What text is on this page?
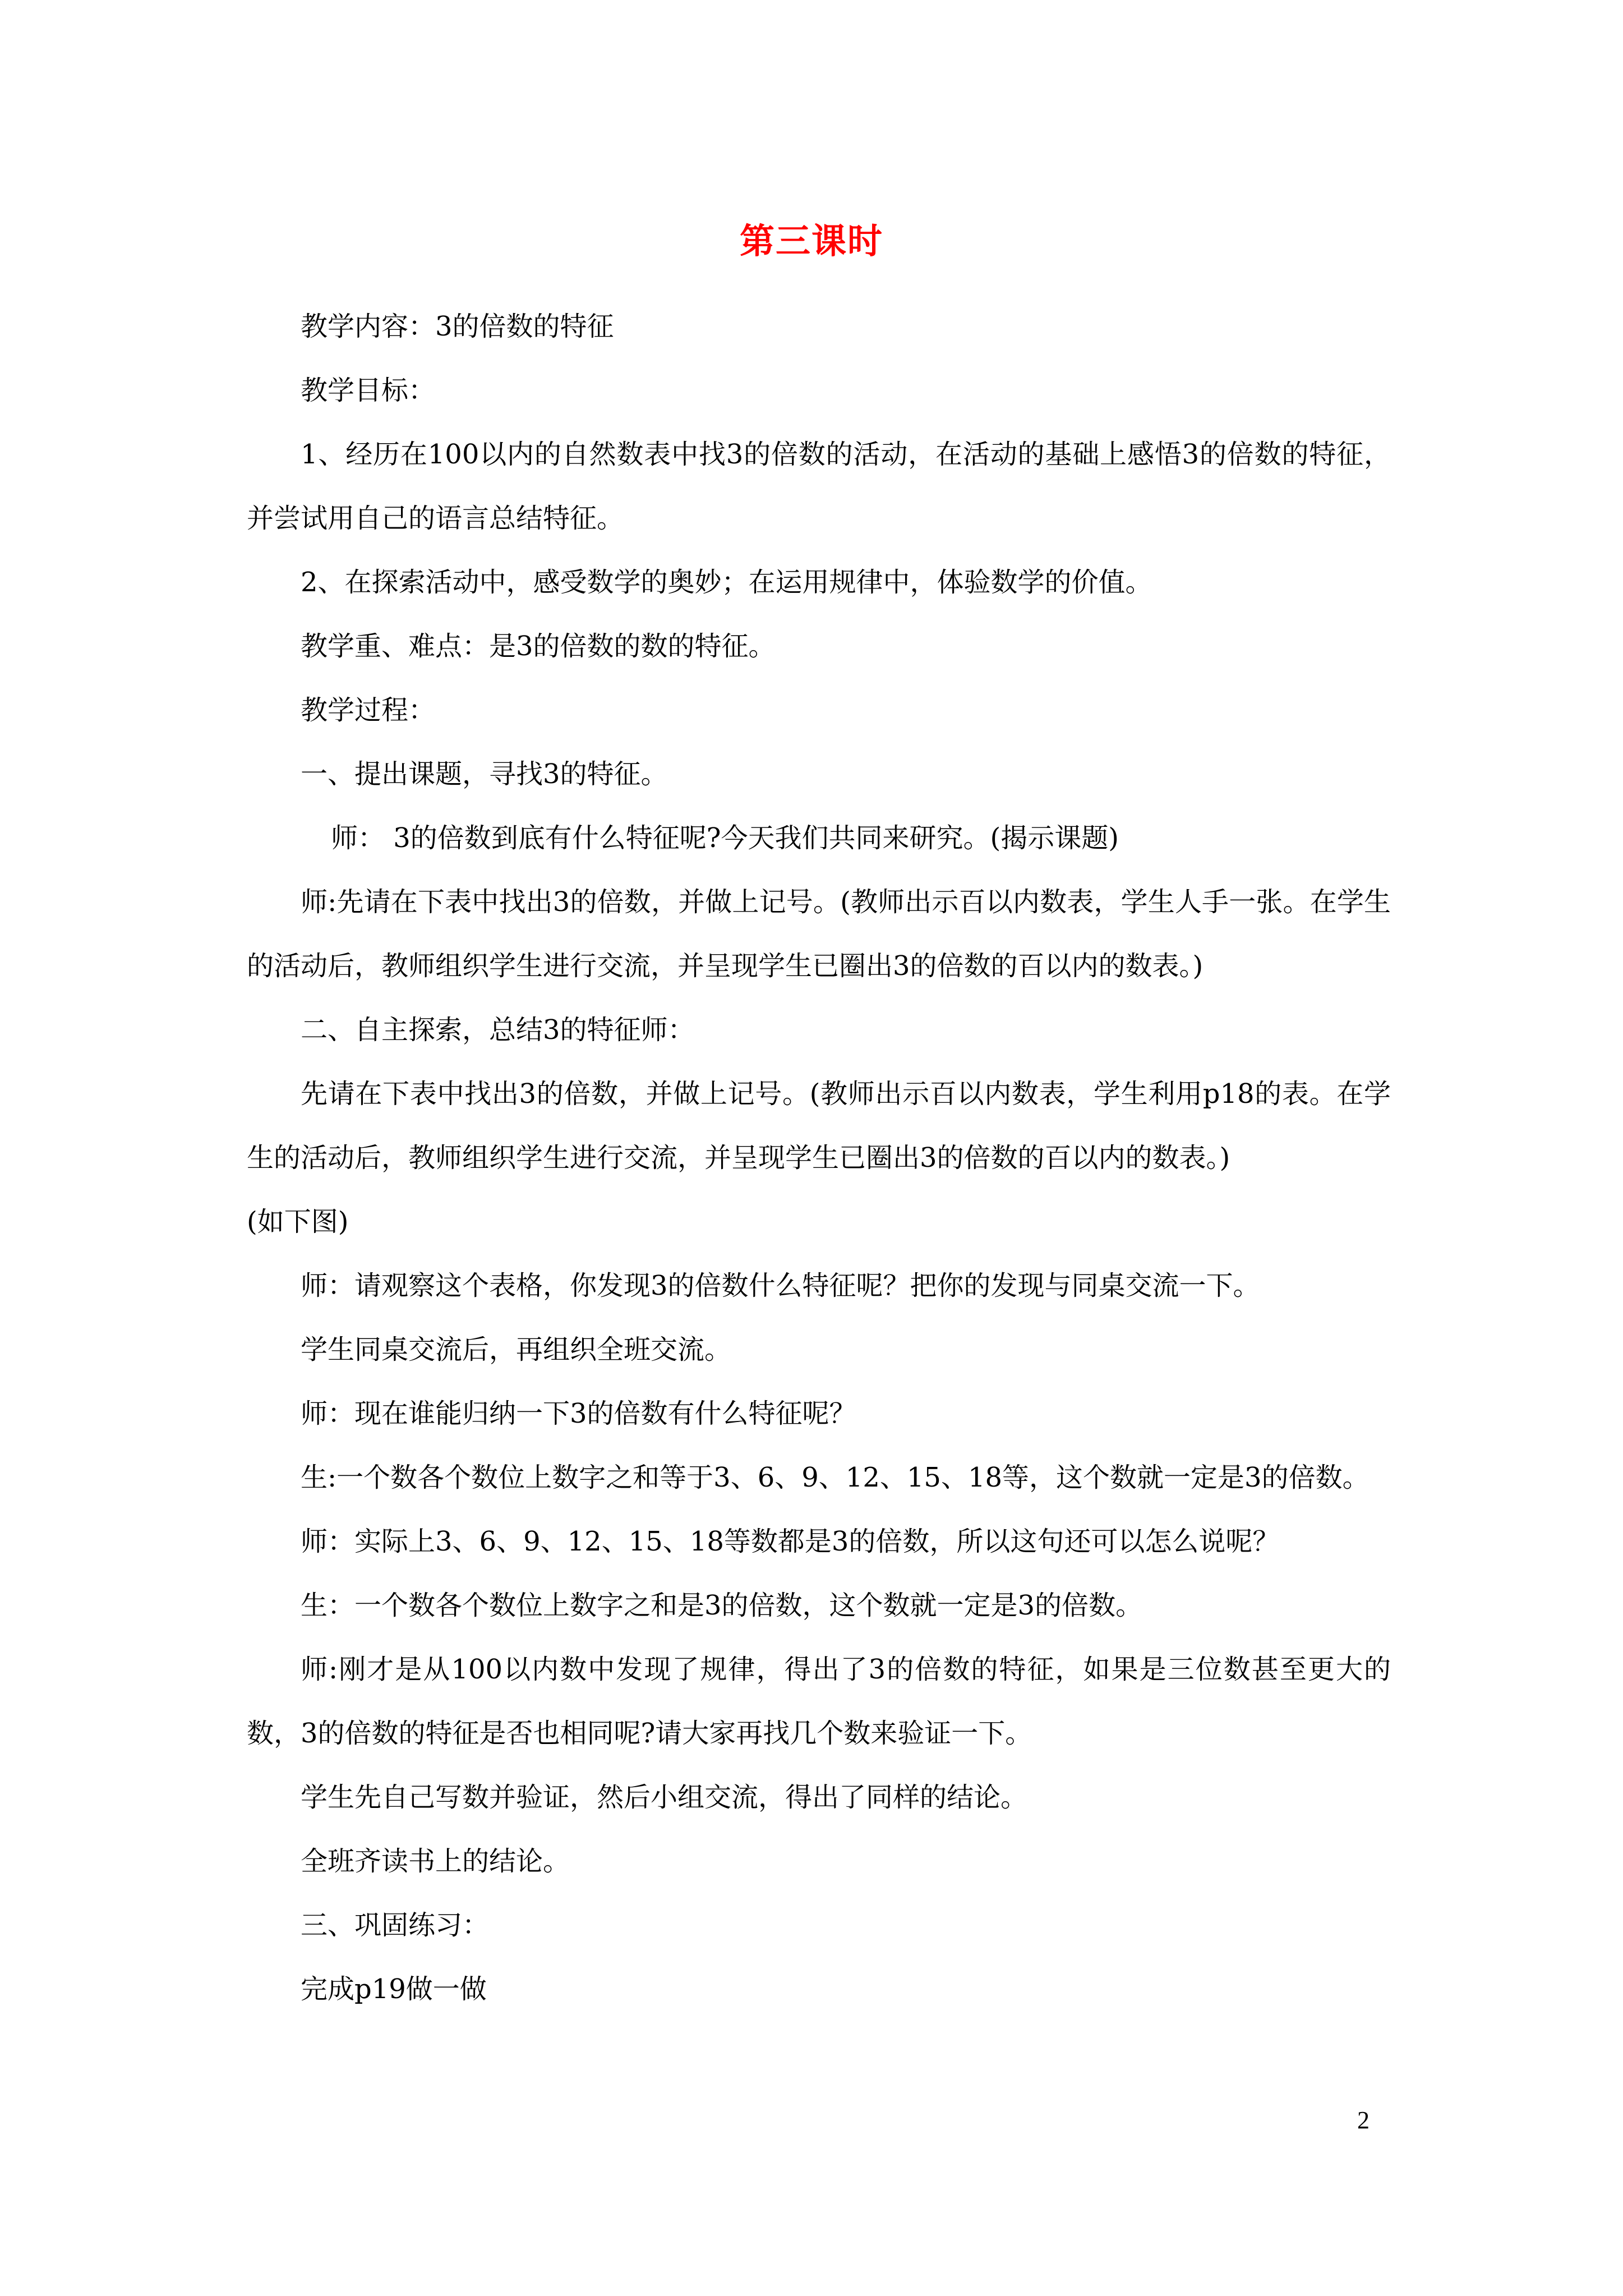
第三课时

教学内容：3的倍数的特征

教学目标：

1、经历在100以内的自然数表中找3的倍数的活动，在活动的基础上感悟3的倍数的特征，并尝试用自己的语言总结特征。

2、在探索活动中，感受数学的奥妙；在运用规律中，体验数学的价值。

教学重、难点：是3的倍数的数的特征。

教学过程：

一、提出课题，寻找3的特征。

师： 3的倍数到底有什么特征呢?今天我们共同来研究。(揭示课题)

师:先请在下表中找出3的倍数，并做上记号。(教师出示百以内数表，学生人手一张。在学生的活动后，教师组织学生进行交流，并呈现学生已圈出3的倍数的百以内的数表。)

二、自主探索，总结3的特征师：

先请在下表中找出3的倍数，并做上记号。(教师出示百以内数表，学生利用p18的表。在学生的活动后，教师组织学生进行交流，并呈现学生已圈出3的倍数的百以内的数表。)

(如下图)

师：请观察这个表格，你发现3的倍数什么特征呢？把你的发现与同桌交流一下。

学生同桌交流后，再组织全班交流。

师：现在谁能归纳一下3的倍数有什么特征呢？

生:一个数各个数位上数字之和等于3、6、9、12、15、18等，这个数就一定是3的倍数。

师：实际上3、6、9、12、15、18等数都是3的倍数，所以这句还可以怎么说呢？

生：一个数各个数位上数字之和是3的倍数，这个数就一定是3的倍数。

师:刚才是从100以内数中发现了规律，得出了3的倍数的特征，如果是三位数甚至更大的数，3的倍数的特征是否也相同呢?请大家再找几个数来验证一下。

学生先自己写数并验证，然后小组交流，得出了同样的结论。

全班齐读书上的结论。

三、巩固练习：

完成p19做一做

2
